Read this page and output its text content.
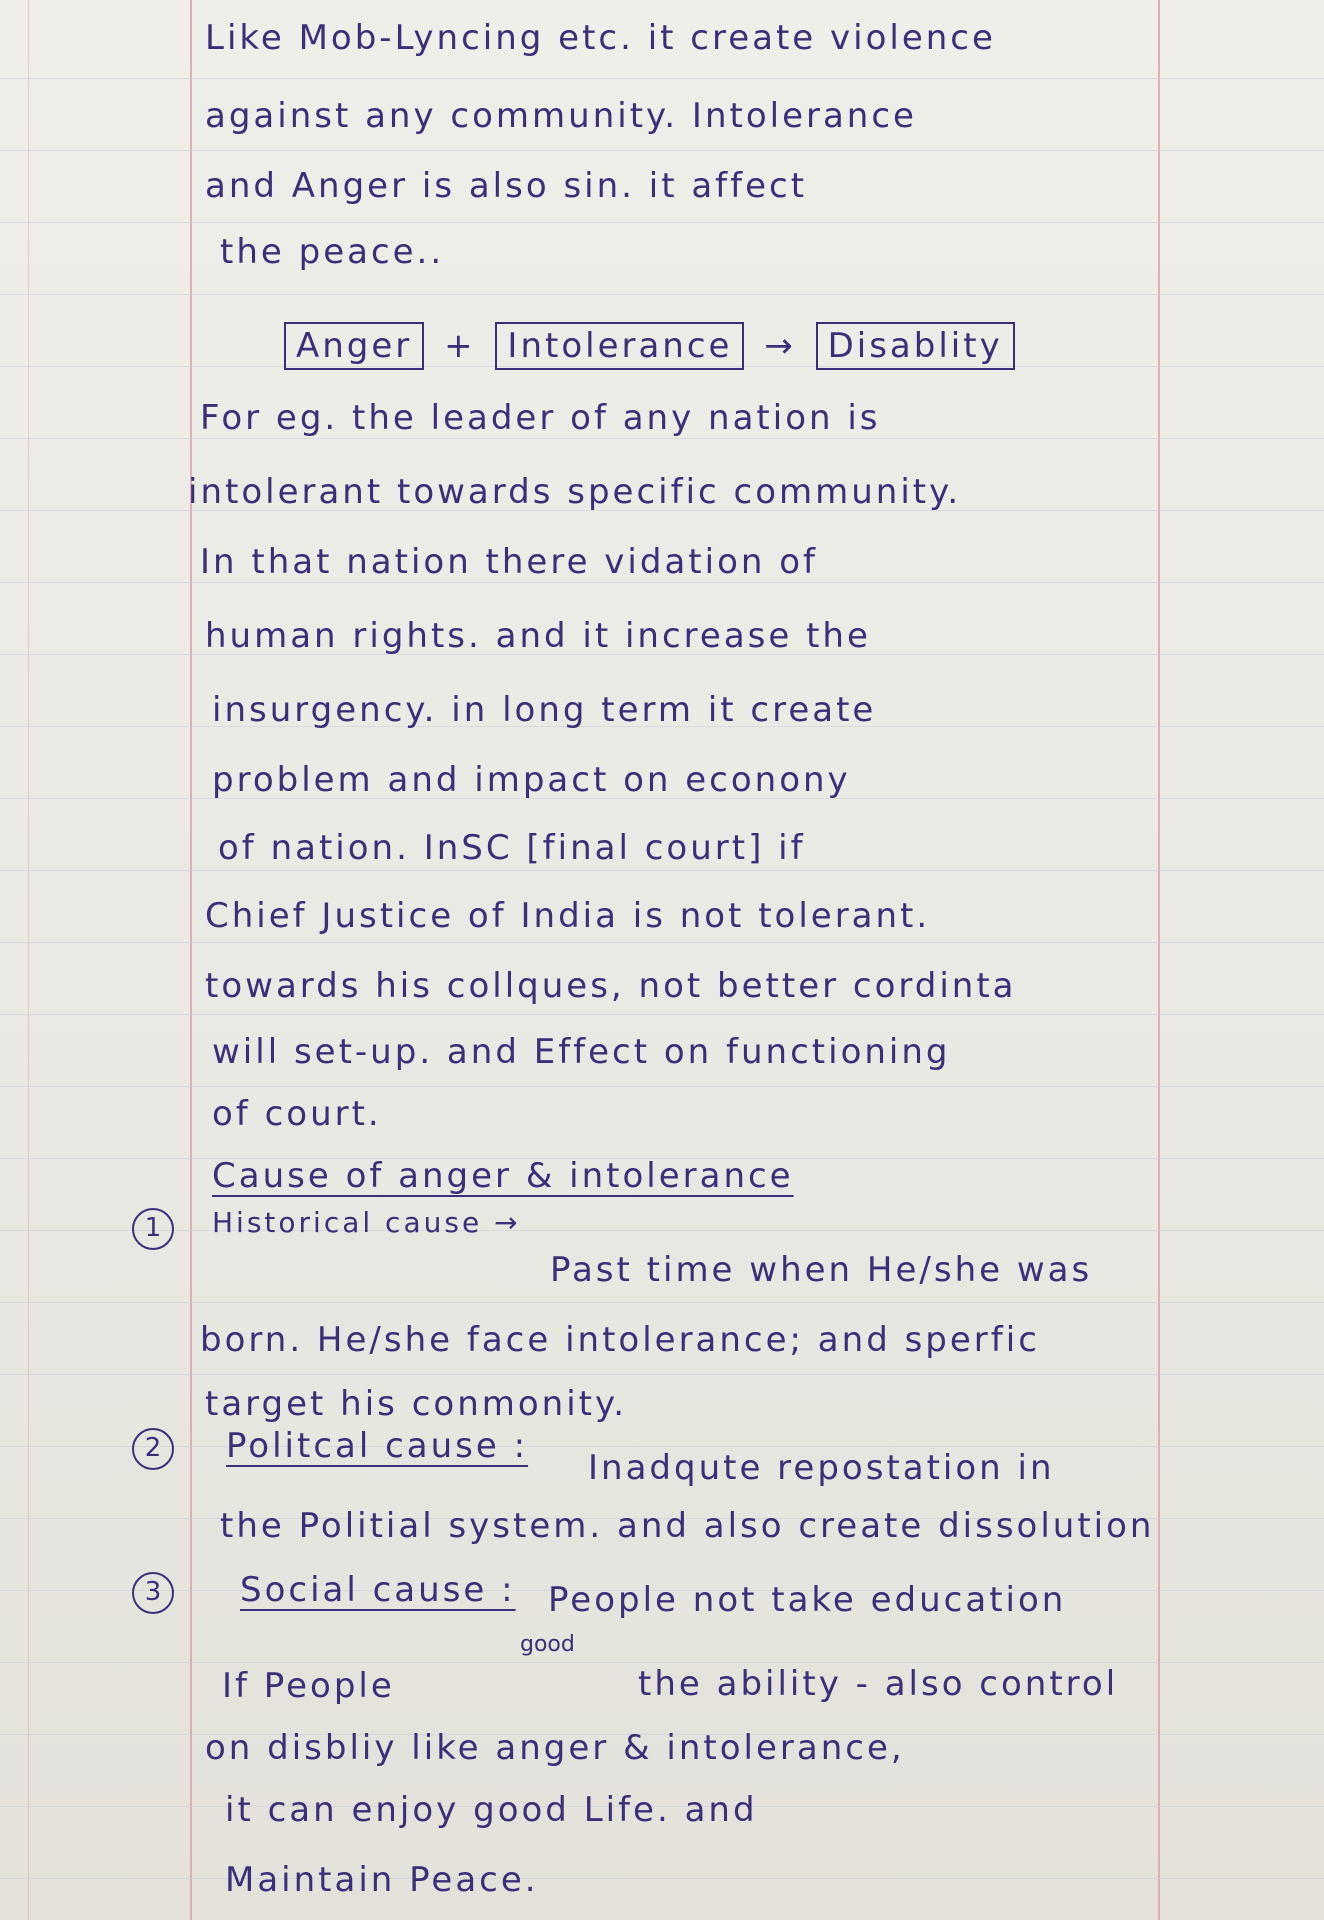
Like Mob-Lyncing etc. it create violence
against any community. Intolerance
and Anger is also sin. it affect
the peace..
Anger + Intolerance → Disablity
For eg. the leader of any nation is
intolerant towards specific community.
In that nation there vidation of
human rights. and it increase the
insurgency. in long term it create
problem and impact on econony
of nation. InSC [final court] if
Chief Justice of India is not tolerant.
towards his collques, not better cordinta
will set-up. and Effect on functioning
of court.
Cause of anger & intolerance
1	Historical cause →
Past time when He/she was
born. He/she face intolerance; and sperfic
target his conmonity.
2	Politcal cause :
Inadqute repostation in
the Politial system. and also create dissolution
3	Social cause : People not take education
If People
good
the ability - also control
on disbliy like anger & intolerance,
it can enjoy good Life. and
Maintain Peace.
